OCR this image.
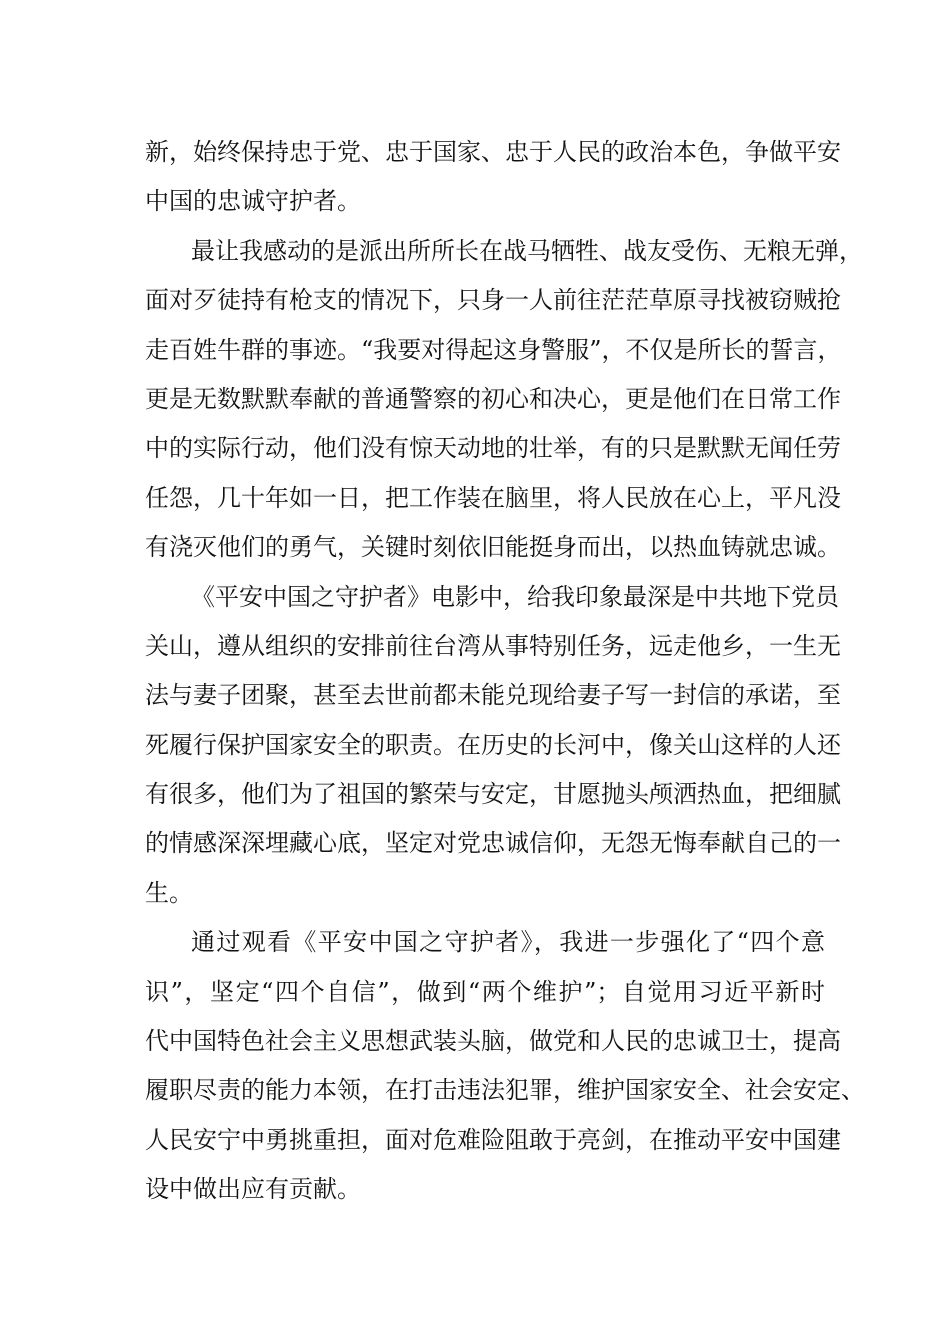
新，始终保持忠于党、忠于国家、忠于人民的政治本色，争做平安
中国的忠诚守护者。
最让我感动的是派出所所长在战马牺牲、战友受伤、无粮无弹，
面对歹徒持有枪支的情况下，只身一人前往茫茫草原寻找被窃贼抢
走百姓牛群的事迹。“我要对得起这身警服”，不仅是所长的誓言，
更是无数默默奉献的普通警察的初心和决心，更是他们在日常工作
中的实际行动，他们没有惊天动地的壮举，有的只是默默无闻任劳
任怨，几十年如一日，把工作装在脑里，将人民放在心上，平凡没
有浇灭他们的勇气，关键时刻依旧能挺身而出，以热血铸就忠诚。
《平安中国之守护者》电影中，给我印象最深是中共地下党员
关山，遵从组织的安排前往台湾从事特别任务，远走他乡，一生无
法与妻子团聚，甚至去世前都未能兑现给妻子写一封信的承诺，至
死履行保护国家安全的职责。在历史的长河中，像关山这样的人还
有很多，他们为了祖国的繁荣与安定，甘愿抛头颅洒热血，把细腻
的情感深深埋藏心底，坚定对党忠诚信仰，无怨无悔奉献自己的一
生。
通过观看《平安中国之守护者》，我进一步强化了“四个意
识”，坚定“四个自信”，做到“两个维护”；自觉用习近平新时
代中国特色社会主义思想武装头脑，做党和人民的忠诚卫士，提高
履职尽责的能力本领，在打击违法犯罪，维护国家安全、社会安定、
人民安宁中勇挑重担，面对危难险阻敢于亮剑，在推动平安中国建
设中做出应有贡献。
